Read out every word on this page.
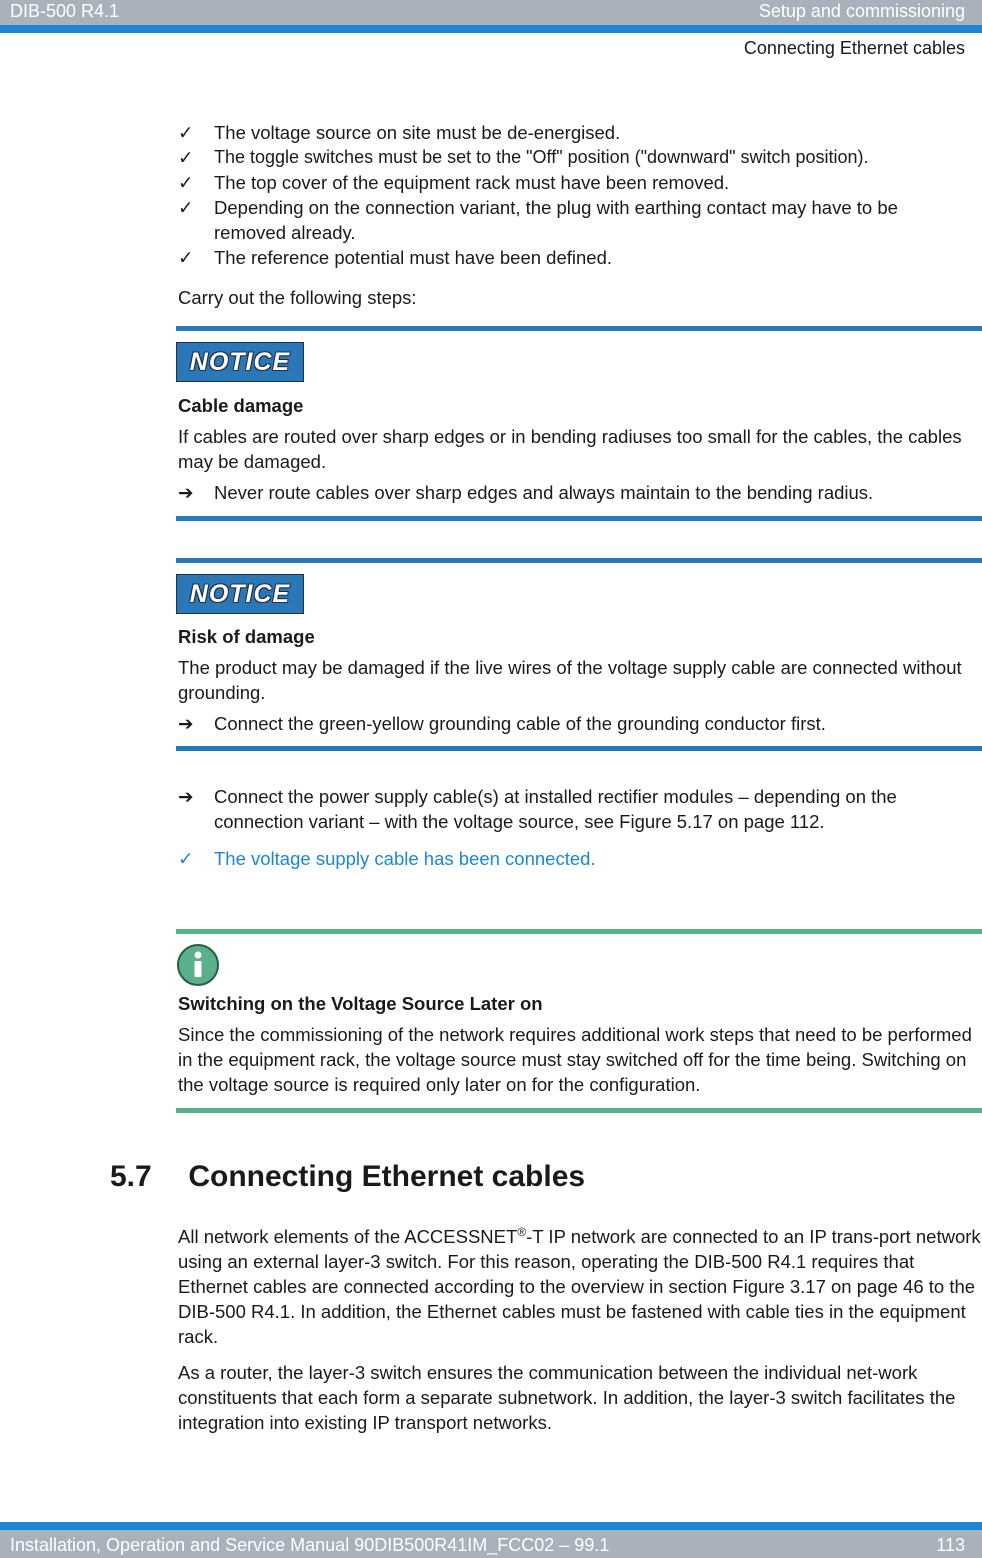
DIB-500 R4.1	Setup and commissioning
Connecting Ethernet cables
✓	The voltage source on site must be de-energised.
✓	The toggle switches must be set to the "Off" position ("downward" switch position).
✓	The top cover of the equipment rack must have been removed.
✓	Depending on the connection variant, the plug with earthing contact may have to be removed already.
✓	The reference potential must have been defined.
Carry out the following steps:
NOTICE
Cable damage
If cables are routed over sharp edges or in bending radiuses too small for the cables, the cables may be damaged.
➔	Never route cables over sharp edges and always maintain to the bending radius.
NOTICE
Risk of damage
The product may be damaged if the live wires of the voltage supply cable are connected without grounding.
➔	Connect the green-yellow grounding cable of the grounding conductor first.
➔	Connect the power supply cable(s) at installed rectifier modules – depending on the connection variant – with the voltage source, see Figure 5.17 on page 112.
✓	The voltage supply cable has been connected.
Switching on the Voltage Source Later on
Since the commissioning of the network requires additional work steps that need to be performed in the equipment rack, the voltage source must stay switched off for the time being. Switching on the voltage source is required only later on for the configuration.
5.7 Connecting Ethernet cables
All network elements of the ACCESSNET®-T IP network are connected to an IP trans-port network using an external layer-3 switch. For this reason, operating the DIB-500 R4.1 requires that Ethernet cables are connected according to the overview in section Figure 3.17 on page 46 to the DIB-500 R4.1. In addition, the Ethernet cables must be fastened with cable ties in the equipment rack.
As a router, the layer-3 switch ensures the communication between the individual net-work constituents that each form a separate subnetwork. In addition, the layer-3 switch facilitates the integration into existing IP transport networks.
Installation, Operation and Service Manual 90DIB500R41IM_FCC02 – 99.1	113
